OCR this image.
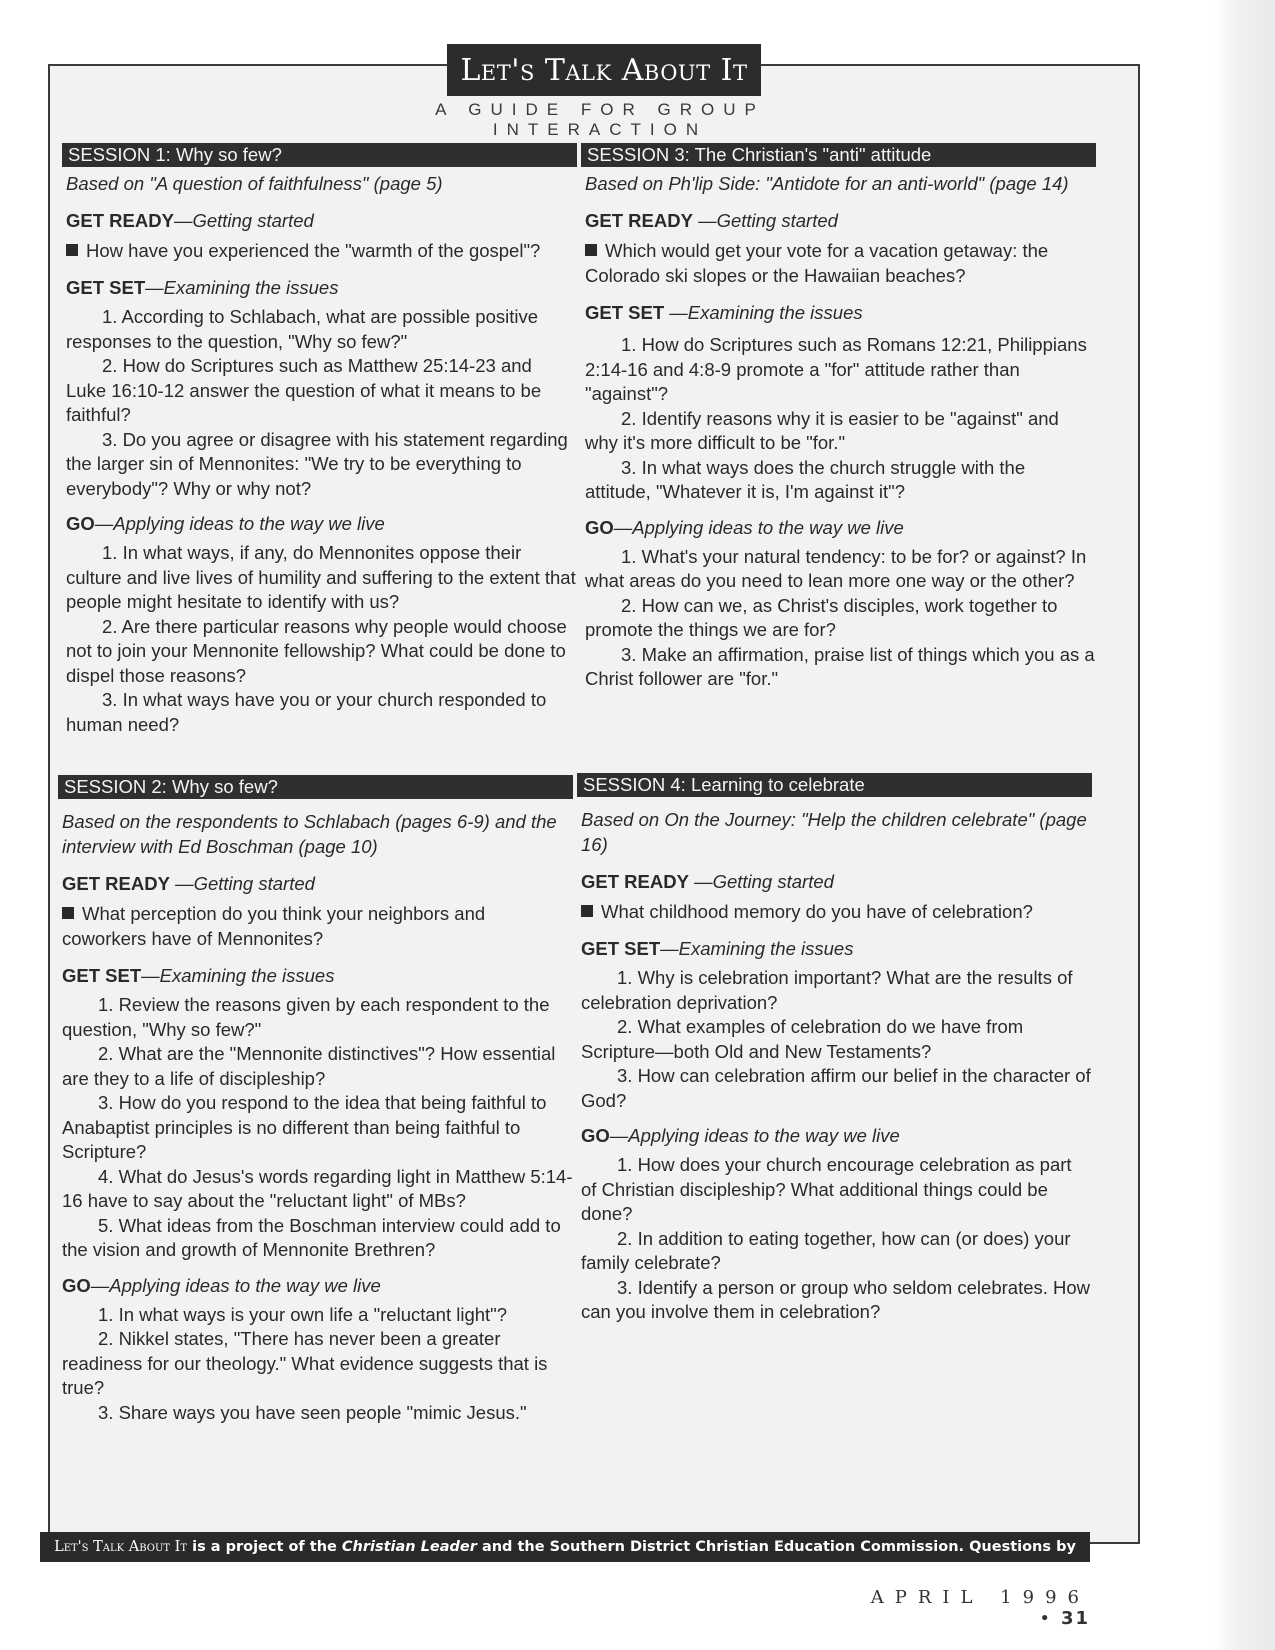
Let's Talk About It
A GUIDE FOR GROUP INTERACTION
SESSION 1: Why so few?
Based on "A question of faithfulness" (page 5)
GET READY—Getting started
How have you experienced the "warmth of the gospel"?
GET SET—Examining the issues

1. According to Schlabach, what are possible positive responses to the question, "Why so few?"

2. How do Scriptures such as Matthew 25:14-23 and Luke 16:10-12 answer the question of what it means to be faithful?

3. Do you agree or disagree with his statement regarding the larger sin of Mennonites: "We try to be everything to everybody"? Why or why not?

GO—Applying ideas to the way we live

1. In what ways, if any, do Mennonites oppose their culture and live lives of humility and suffering to the extent that people might hesitate to identify with us?

2. Are there particular reasons why people would choose not to join your Mennonite fellowship? What could be done to dispel those reasons?

3. In what ways have you or your church responded to human need?

SESSION 2: Why so few?
Based on the respondents to Schlabach (pages 6-9) and the interview with Ed Boschman (page 10)
GET READY —Getting started
What perception do you think your neighbors and coworkers have of Mennonites?
GET SET—Examining the issues

1. Review the reasons given by each respondent to the question, "Why so few?"

2. What are the "Mennonite distinctives"? How essential are they to a life of discipleship?

3. How do you respond to the idea that being faithful to Anabaptist principles is no different than being faithful to Scripture?

4. What do Jesus's words regarding light in Matthew 5:14-16 have to say about the "reluctant light" of MBs?

5. What ideas from the Boschman interview could add to the vision and growth of Mennonite Brethren?

GO—Applying ideas to the way we live

1. In what ways is your own life a "reluctant light"?

2. Nikkel states, "There has never been a greater readiness for our theology." What evidence suggests that is true?

3. Share ways you have seen people "mimic Jesus."

SESSION 3: The Christian's "anti" attitude
Based on Ph'lip Side: "Antidote for an anti-world" (page 14)
GET READY —Getting started
Which would get your vote for a vacation getaway: the Colorado ski slopes or the Hawaiian beaches?
GET SET —Examining the issues

1. How do Scriptures such as Romans 12:21, Philippians 2:14-16 and 4:8-9 promote a "for" attitude rather than "against"?

2. Identify reasons why it is easier to be "against" and why it's more difficult to be "for."

3. In what ways does the church struggle with the attitude, "Whatever it is, I'm against it"?

GO—Applying ideas to the way we live

1. What's your natural tendency: to be for? or against? In what areas do you need to lean more one way or the other?

2. How can we, as Christ's disciples, work together to promote the things we are for?

3. Make an affirmation, praise list of things which you as a Christ follower are "for."

SESSION 4: Learning to celebrate
Based on On the Journey: "Help the children celebrate" (page 16)
GET READY —Getting started
What childhood memory do you have of celebration?
GET SET—Examining the issues

1. Why is celebration important? What are the results of celebration deprivation?

2. What examples of celebration do we have from Scripture—both Old and New Testaments?

3. How can celebration affirm our belief in the character of God?

GO—Applying ideas to the way we live

1. How does your church encourage celebration as part of Christian discipleship? What additional things could be done?

2. In addition to eating together, how can (or does) your family celebrate?

3. Identify a person or group who seldom celebrates. How can you involve them in celebration?

Let's Talk About It is a project of the Christian Leader and the Southern District Christian Education Commission. Questions by Nadine Friesen.
APRIL 1996 •31
